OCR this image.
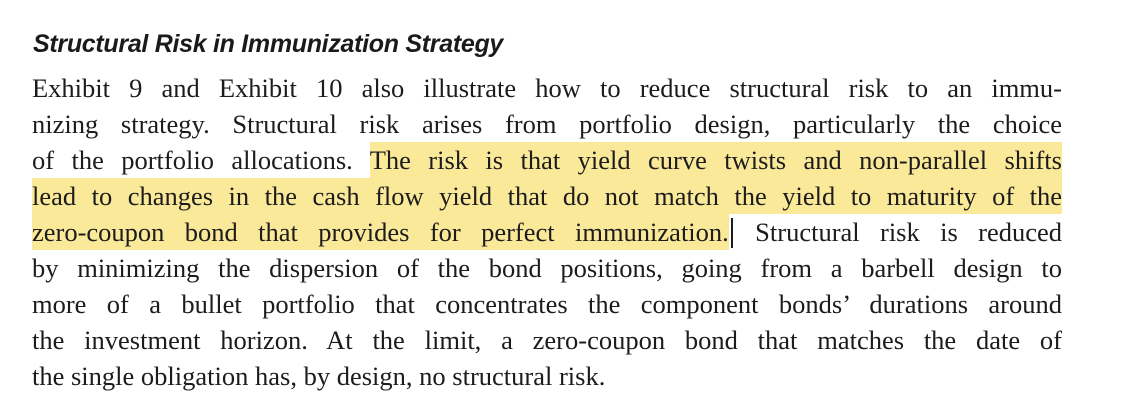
Structural Risk in Immunization Strategy
Exhibit 9 and Exhibit 10 also illustrate how to reduce structural risk to an immu-
nizing strategy. Structural risk arises from portfolio design, particularly the choice
of the portfolio allocations. The risk is that yield curve twists and non-parallel shifts
lead to changes in the cash flow yield that do not match the yield to maturity of the
zero-coupon bond that provides for perfect immunization. Structural risk is reduced
by minimizing the dispersion of the bond positions, going from a barbell design to
more of a bullet portfolio that concentrates the component bonds’ durations around
the investment horizon. At the limit, a zero-coupon bond that matches the date of
the single obligation has, by design, no structural risk.
